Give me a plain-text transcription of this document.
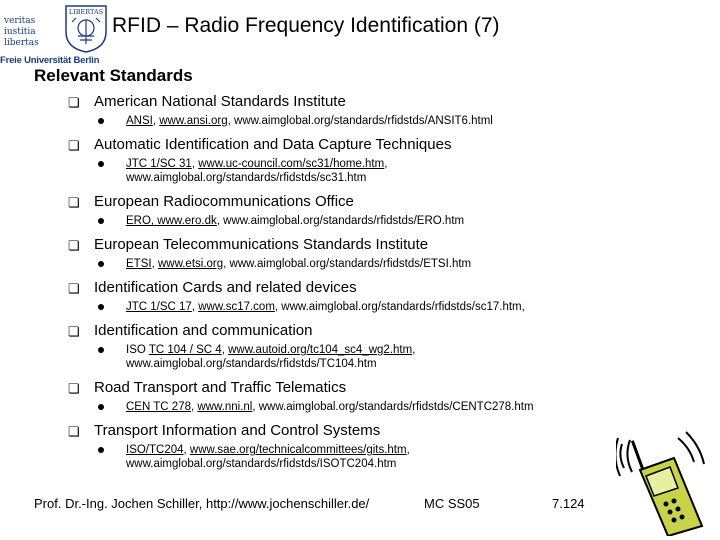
veritas
iustitia
libertas
LIBERTAS
Freie Universität Berlin
RFID – Radio Frequency Identification (7)
Relevant Standards
❏ American National Standards Institute
ANSI, www.ansi.org, www.aimglobal.org/standards/rfidstds/ANSIT6.html
❏ Automatic Identification and Data Capture Techniques
JTC 1/SC 31, www.uc-council.com/sc31/home.htm,
www.aimglobal.org/standards/rfidstds/sc31.htm
❏ European Radiocommunications Office
ERO, www.ero.dk, www.aimglobal.org/standards/rfidstds/ERO.htm
❏ European Telecommunications Standards Institute
ETSI, www.etsi.org, www.aimglobal.org/standards/rfidstds/ETSI.htm
❏ Identification Cards and related devices
JTC 1/SC 17, www.sc17.com, www.aimglobal.org/standards/rfidstds/sc17.htm,
❏ Identification and communication
ISO TC 104 / SC 4, www.autoid.org/tc104_sc4_wg2.htm,
www.aimglobal.org/standards/rfidstds/TC104.htm
❏ Road Transport and Traffic Telematics
CEN TC 278, www.nni.nl, www.aimglobal.org/standards/rfidstds/CENTC278.htm
❏ Transport Information and Control Systems
ISO/TC204, www.sae.org/technicalcommittees/gits.htm,
www.aimglobal.org/standards/rfidstds/ISOTC204.htm
Prof. Dr.-Ing. Jochen Schiller, http://www.jochenschiller.de/	MC SS05	7.124
